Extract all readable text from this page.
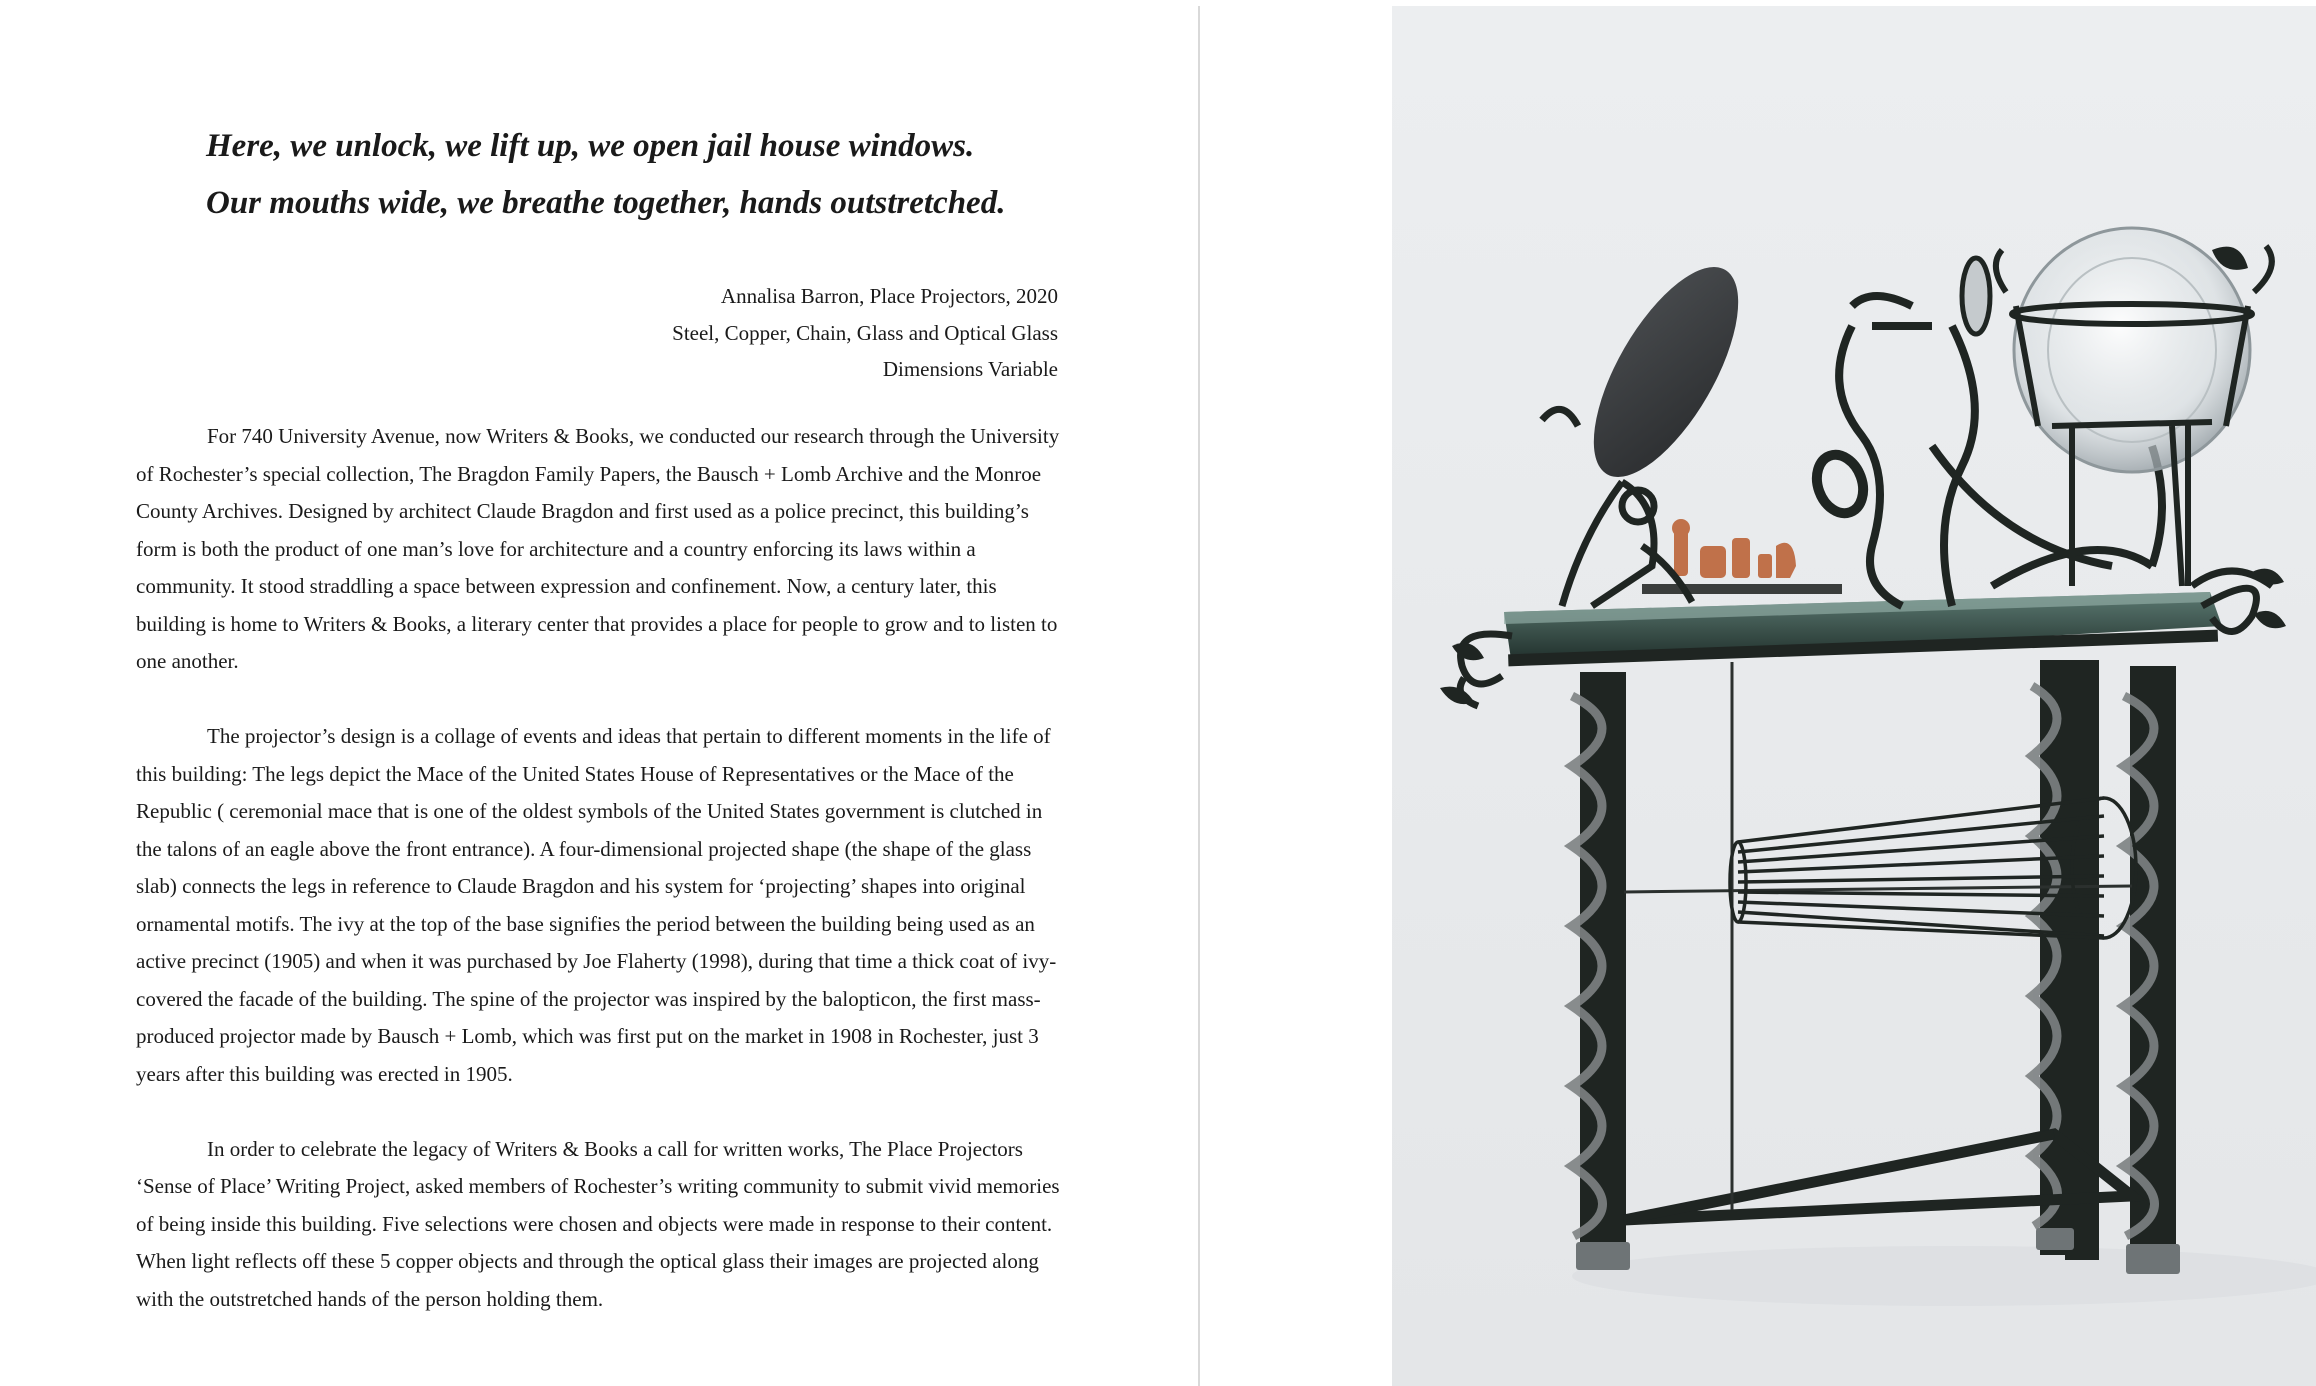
Here, we unlock, we lift up, we open jail house windows.
Our mouths wide, we breathe together, hands outstretched.
Annalisa Barron, Place Projectors, 2020
Steel, Copper, Chain, Glass and Optical Glass
Dimensions Variable

For 740 University Avenue, now Writers & Books, we conducted our research through the University of Rochester’s special collection, The Bragdon Family Papers, the Bausch + Lomb Archive and the Monroe County Archives. Designed by architect Claude Bragdon and first used as a police precinct, this building’s form is both the product of one man’s love for architecture and a country enforcing its laws within a community. It stood straddling a space between expression and confinement. Now, a century later, this building is home to Writers & Books, a literary center that provides a place for people to grow and to listen to one another.

The projector’s design is a collage of events and ideas that pertain to different moments in the life of this building: The legs depict the Mace of the United States House of Representatives or the Mace of the Republic ( ceremonial mace that is one of the oldest symbols of the United States government is clutched in the talons of an eagle above the front entrance). A four-dimensional projected shape (the shape of the glass slab) connects the legs in reference to Claude Bragdon and his system for ‘projecting’ shapes into original ornamental motifs. The ivy at the top of the base signifies the period between the building being used as an active precinct (1905) and when it was purchased by Joe Flaherty (1998), during that time a thick coat of ivy-covered the facade of the building. The spine of the projector was inspired by the balopticon, the first mass-produced projector made by Bausch + Lomb, which was first put on the market in 1908 in Rochester, just 3 years after this building was erected in 1905.

In order to celebrate the legacy of Writers & Books a call for written works, The Place Projectors ‘Sense of Place’ Writing Project, asked members of Rochester’s writing community to submit vivid memories of being inside this building. Five selections were chosen and objects were made in response to their content. When light reflects off these 5 copper objects and through the optical glass their images are projected along with the outstretched hands of the person holding them.
